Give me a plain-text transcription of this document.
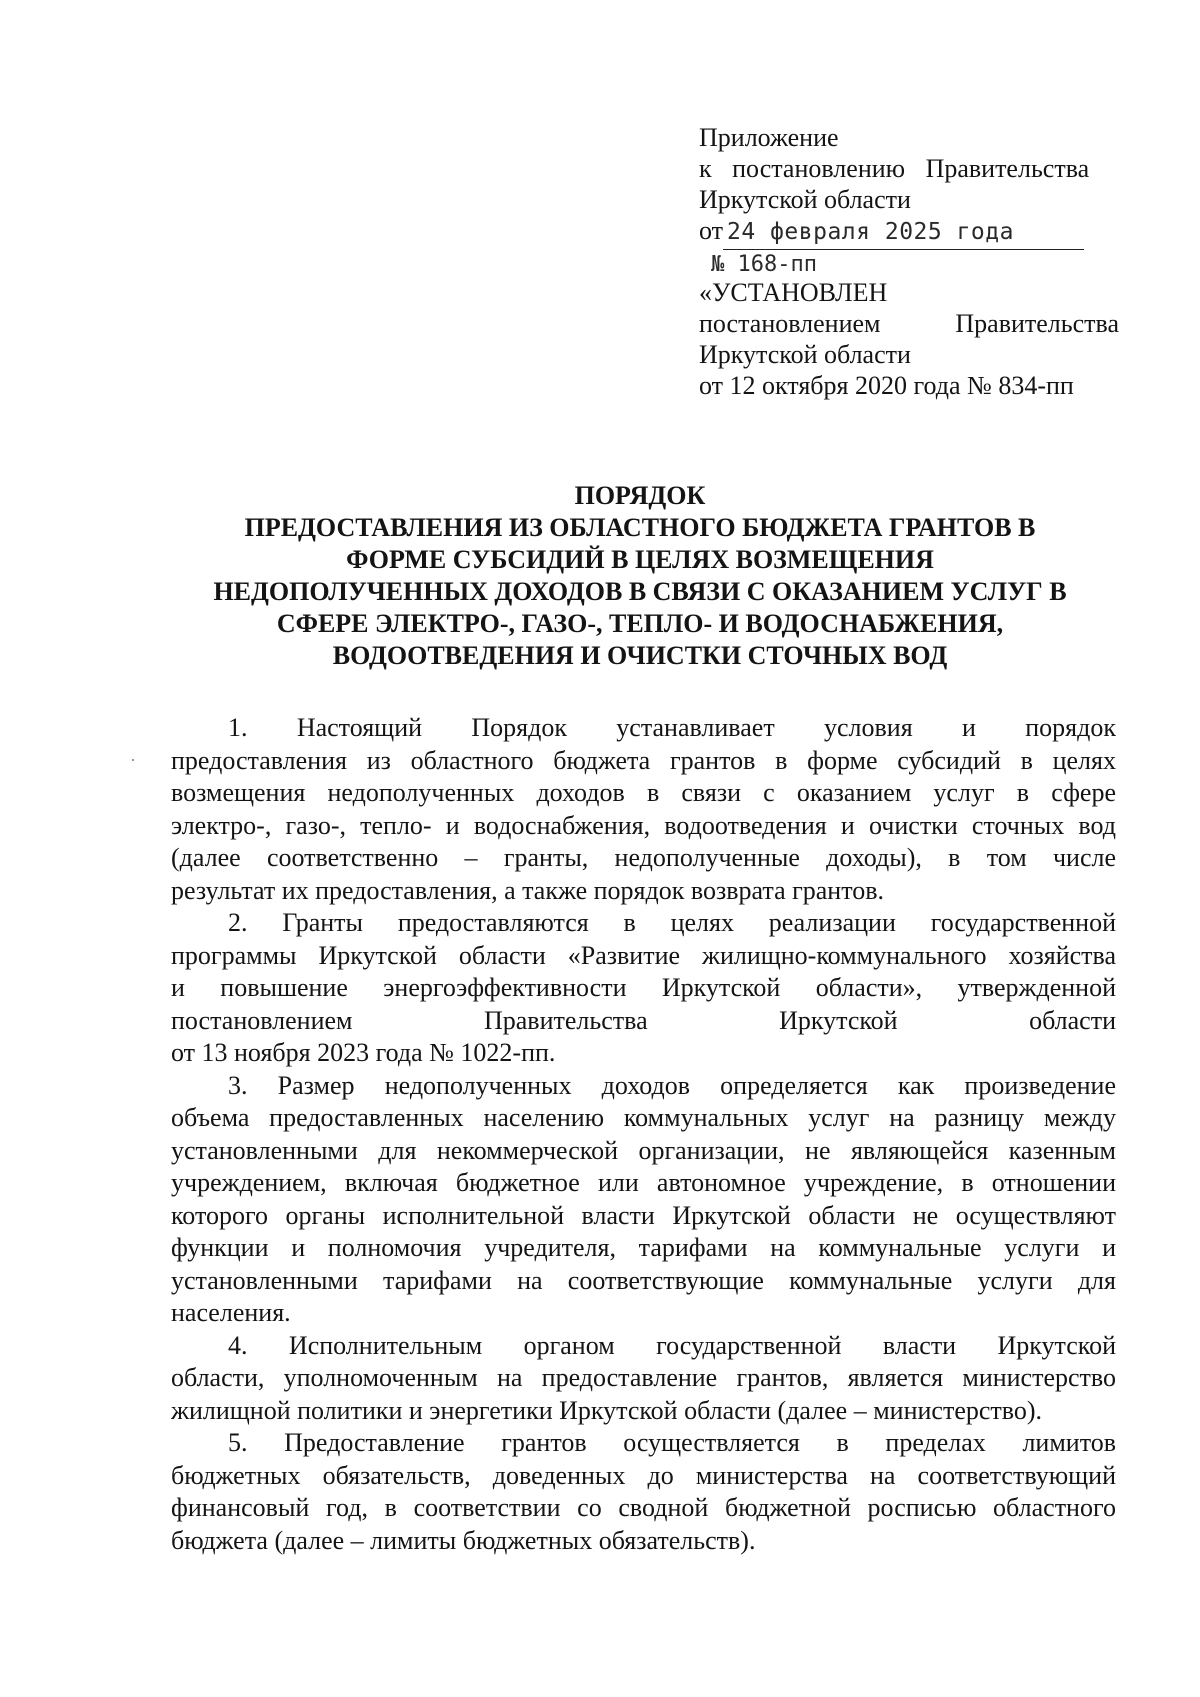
Приложение
к постановлению Правительства
Иркутской области
от 24 февраля 2025 года
№ 168-пп
«УСТАНОВЛЕН
постановлением	Правительства
Иркутской области
от 12 октября 2020 года № 834-пп
ПОРЯДОК
ПРЕДОСТАВЛЕНИЯ ИЗ ОБЛАСТНОГО БЮДЖЕТА ГРАНТОВ В
ФОРМЕ СУБСИДИЙ В ЦЕЛЯХ ВОЗМЕЩЕНИЯ
НЕДОПОЛУЧЕННЫХ ДОХОДОВ В СВЯЗИ С ОКАЗАНИЕМ УСЛУГ В
СФЕРЕ ЭЛЕКТРО-, ГАЗО-, ТЕПЛО- И ВОДОСНАБЖЕНИЯ,
ВОДООТВЕДЕНИЯ И ОЧИСТКИ СТОЧНЫХ ВОД
1. Настоящий Порядок устанавливает условия и порядок
предоставления из областного бюджета грантов в форме субсидий в целях
возмещения недополученных доходов в связи с оказанием услуг в сфере
электро-, газо-, тепло- и водоснабжения, водоотведения и очистки сточных вод
(далее соответственно – гранты, недополученные доходы), в том числе
результат их предоставления, а также порядок возврата грантов.
2. Гранты предоставляются в целях реализации государственной
программы Иркутской области «Развитие жилищно-коммунального хозяйства
и повышение энергоэффективности Иркутской области», утвержденной
постановлением Правительства Иркутской области
от 13 ноября 2023 года № 1022-пп.
3. Размер недополученных доходов определяется как произведение
объема предоставленных населению коммунальных услуг на разницу между
установленными для некоммерческой организации, не являющейся казенным
учреждением, включая бюджетное или автономное учреждение, в отношении
которого органы исполнительной власти Иркутской области не осуществляют
функции и полномочия учредителя, тарифами на коммунальные услуги и
установленными тарифами на соответствующие коммунальные услуги для
населения.
4. Исполнительным органом государственной власти Иркутской
области, уполномоченным на предоставление грантов, является министерство
жилищной политики и энергетики Иркутской области (далее – министерство).
5. Предоставление грантов осуществляется в пределах лимитов
бюджетных обязательств, доведенных до министерства на соответствующий
финансовый год, в соответствии со сводной бюджетной росписью областного
бюджета (далее – лимиты бюджетных обязательств).
